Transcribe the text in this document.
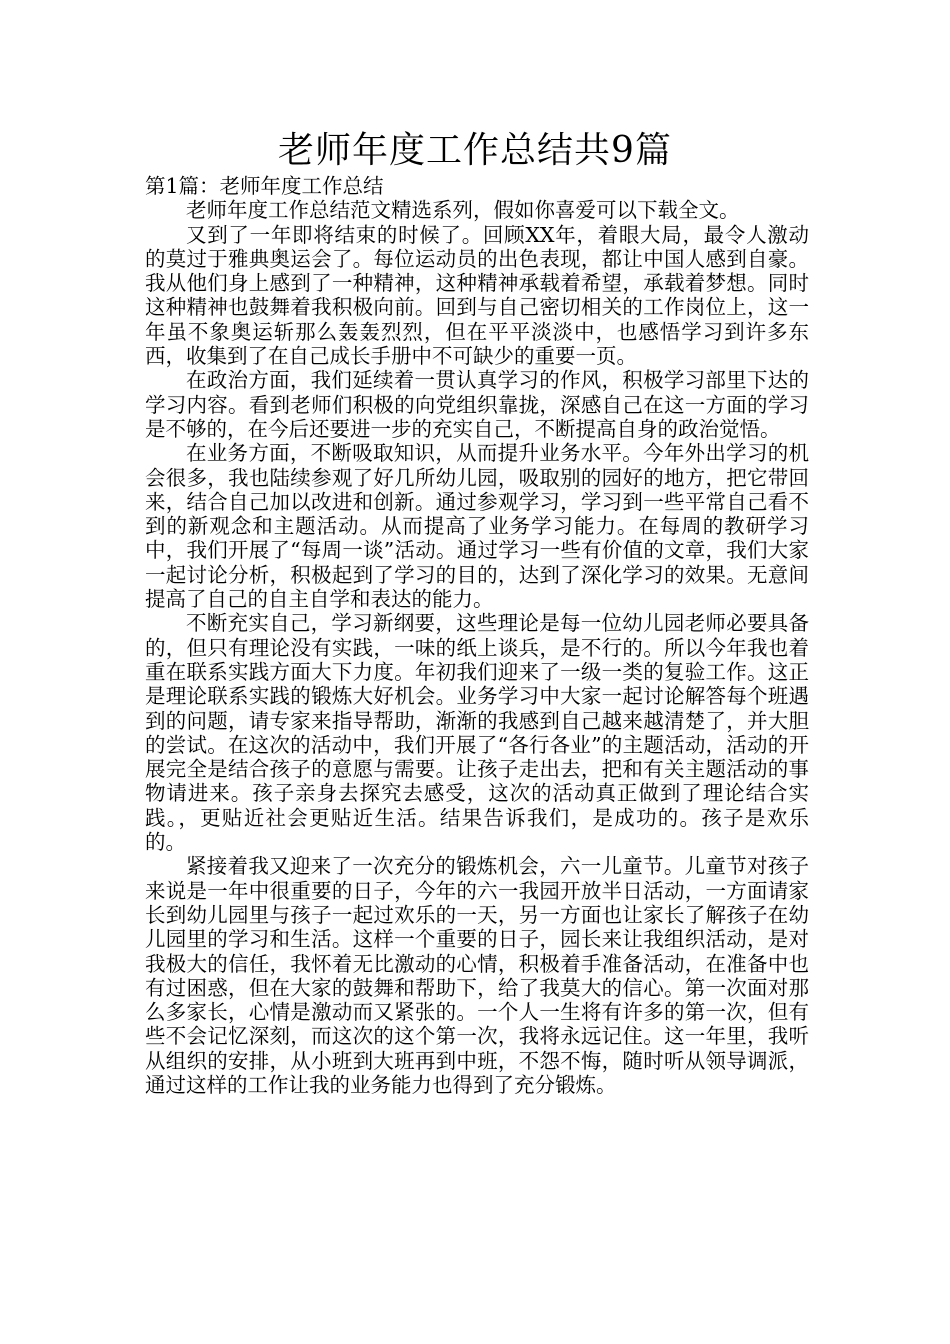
老师年度工作总结共9篇

第1篇：老师年度工作总结

老师年度工作总结范文精选系列，假如你喜爱可以下载全文。

又到了一年即将结束的时候了。回顾XX年，着眼大局，最令人激动的莫过于雅典奥运会了。每位运动员的出色表现，都让中国人感到自豪。我从他们身上感到了一种精神，这种精神承载着希望，承载着梦想。同时这种精神也鼓舞着我积极向前。回到与自己密切相关的工作岗位上，这一年虽不象奥运斩那么轰轰烈烈，但在平平淡淡中，也感悟学习到许多东西，收集到了在自己成长手册中不可缺少的重要一页。

在政治方面，我们延续着一贯认真学习的作风，积极学习部里下达的学习内容。看到老师们积极的向党组织靠拢，深感自己在这一方面的学习是不够的，在今后还要进一步的充实自己，不断提高自身的政治觉悟。

在业务方面，不断吸取知识，从而提升业务水平。今年外出学习的机会很多，我也陆续参观了好几所幼儿园，吸取别的园好的地方，把它带回来，结合自己加以改进和创新。通过参观学习，学习到一些平常自己看不到的新观念和主题活动。从而提高了业务学习能力。在每周的教研学习中，我们开展了“每周一谈”活动。通过学习一些有价值的文章，我们大家一起讨论分析，积极起到了学习的目的，达到了深化学习的效果。无意间提高了自己的自主自学和表达的能力。

不断充实自己，学习新纲要，这些理论是每一位幼儿园老师必要具备的，但只有理论没有实践，一味的纸上谈兵，是不行的。所以今年我也着重在联系实践方面大下力度。年初我们迎来了一级一类的复验工作。这正是理论联系实践的锻炼大好机会。业务学习中大家一起讨论解答每个班遇到的问题，请专家来指导帮助，渐渐的我感到自己越来越清楚了，并大胆的尝试。在这次的活动中，我们开展了“各行各业”的主题活动，活动的开展完全是结合孩子的意愿与需要。让孩子走出去，把和有关主题活动的事物请进来。孩子亲身去探究去感受，这次的活动真正做到了理论结合实践。，更贴近社会更贴近生活。结果告诉我们，是成功的。孩子是欢乐的。

紧接着我又迎来了一次充分的锻炼机会，六一儿童节。儿童节对孩子来说是一年中很重要的日子，今年的六一我园开放半日活动，一方面请家长到幼儿园里与孩子一起过欢乐的一天，另一方面也让家长了解孩子在幼儿园里的学习和生活。这样一个重要的日子，园长来让我组织活动，是对我极大的信任，我怀着无比激动的心情，积极着手准备活动，在准备中也有过困惑，但在大家的鼓舞和帮助下，给了我莫大的信心。第一次面对那么多家长，心情是激动而又紧张的。一个人一生将有许多的第一次，但有些不会记忆深刻，而这次的这个第一次，我将永远记住。这一年里，我听从组织的安排，从小班到大班再到中班，不怨不悔，随时听从领导调派，通过这样的工作让我的业务能力也得到了充分锻炼。
